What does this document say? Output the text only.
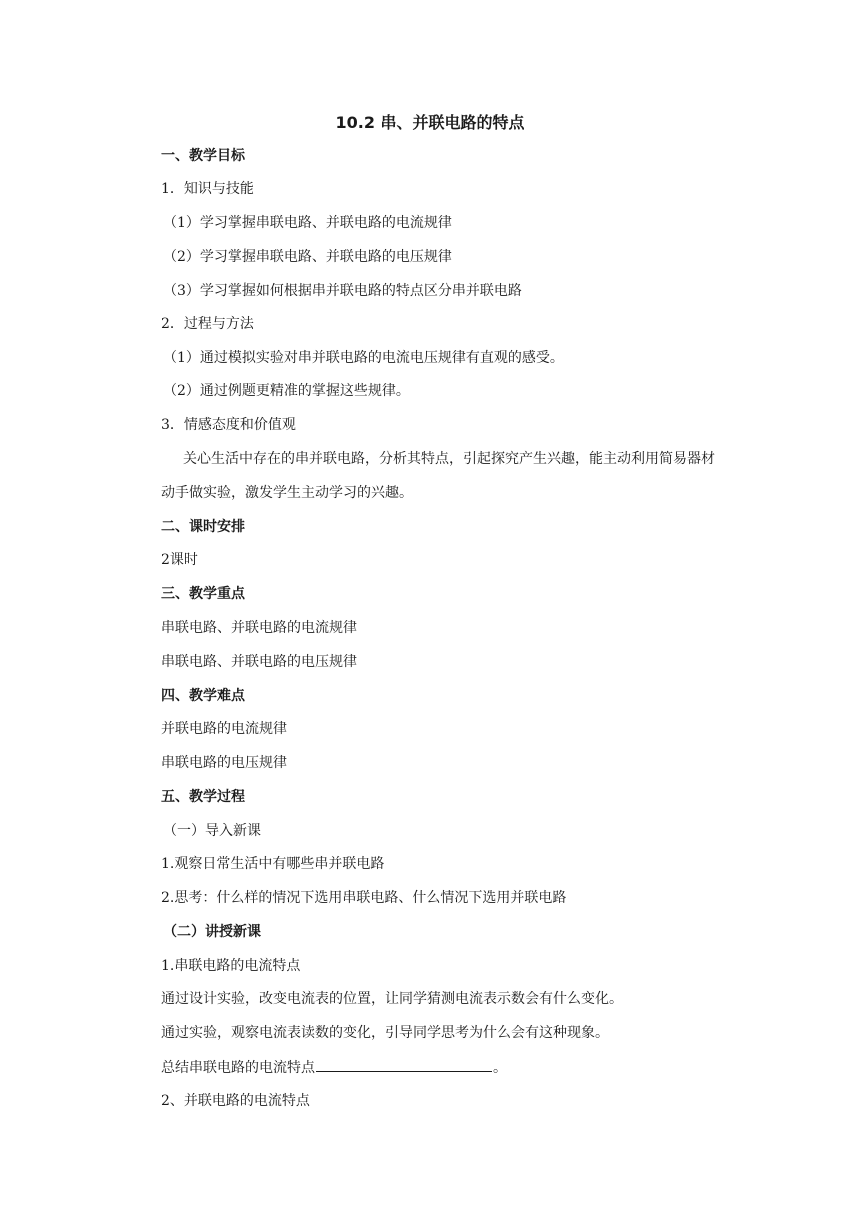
10.2 串、并联电路的特点
一、教学目标
1．知识与技能
（1）学习掌握串联电路、并联电路的电流规律
（2）学习掌握串联电路、并联电路的电压规律
（3）学习掌握如何根据串并联电路的特点区分串并联电路
2．过程与方法
（1）通过模拟实验对串并联电路的电流电压规律有直观的感受。
（2）通过例题更精准的掌握这些规律。
3．情感态度和价值观
关心生活中存在的串并联电路，分析其特点，引起探究产生兴趣，能主动利用简易器材
动手做实验，激发学生主动学习的兴趣。
二、课时安排
2课时
三、教学重点
串联电路、并联电路的电流规律
串联电路、并联电路的电压规律
四、教学难点
并联电路的电流规律
串联电路的电压规律
五、教学过程
（一）导入新课
1.观察日常生活中有哪些串并联电路
2.思考：什么样的情况下选用串联电路、什么情况下选用并联电路
（二）讲授新课
1.串联电路的电流特点
通过设计实验，改变电流表的位置，让同学猜测电流表示数会有什么变化。
通过实验，观察电流表读数的变化，引导同学思考为什么会有这种现象。
总结串联电路的电流特点	。
2、并联电路的电流特点
